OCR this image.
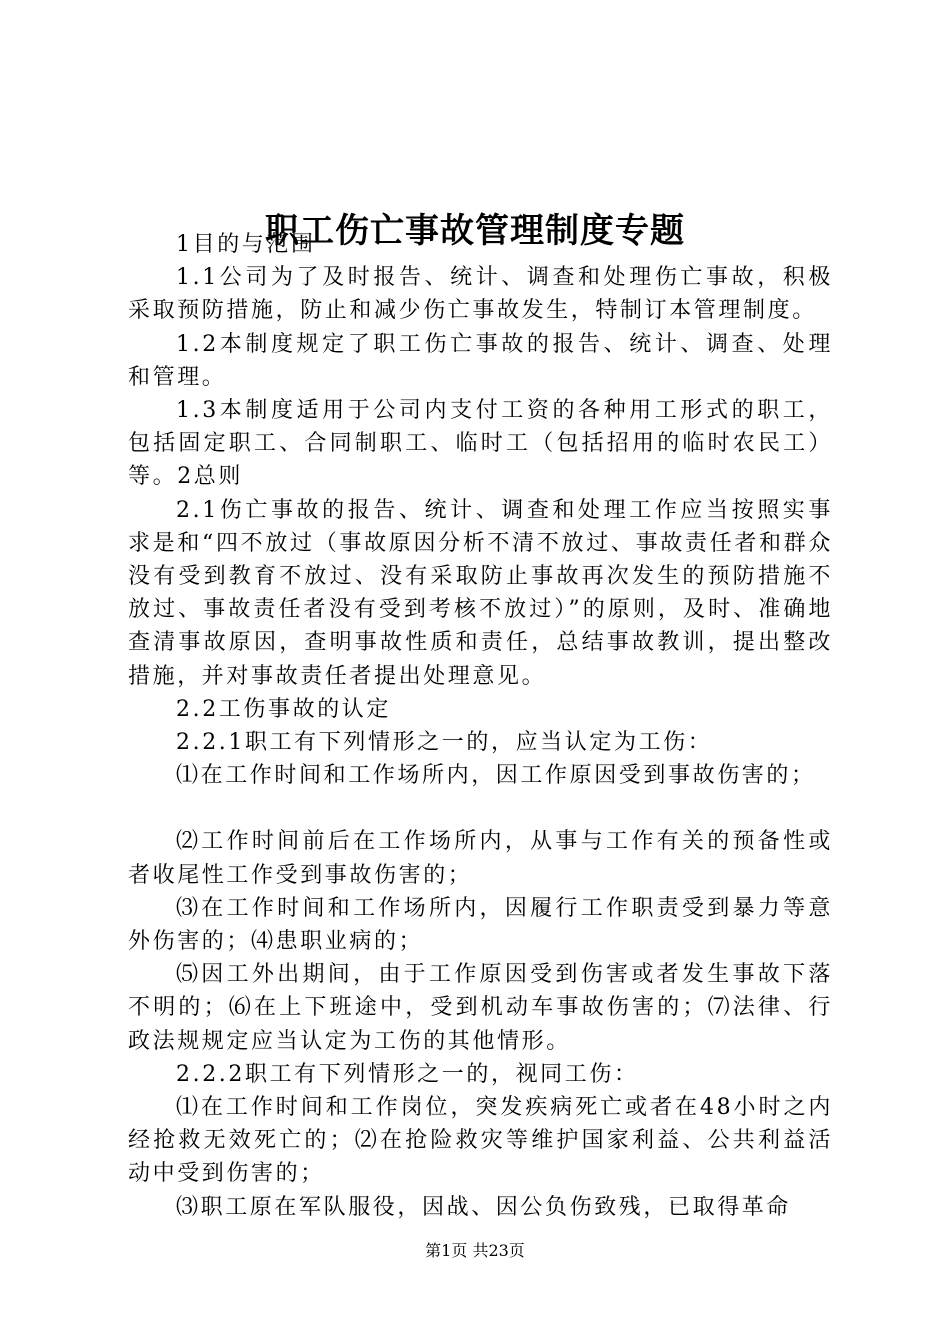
职工伤亡事故管理制度专题

1目的与范围

1.1公司为了及时报告、统计、调查和处理伤亡事故，积极采取预防措施，防止和减少伤亡事故发生，特制订本管理制度。

1.2本制度规定了职工伤亡事故的报告、统计、调查、处理和管理。

1.3本制度适用于公司内支付工资的各种用工形式的职工，包括固定职工、合同制职工、临时工（包括招用的临时农民工）等。2总则

2.1伤亡事故的报告、统计、调查和处理工作应当按照实事求是和“四不放过（事故原因分析不清不放过、事故责任者和群众没有受到教育不放过、没有采取防止事故再次发生的预防措施不放过、事故责任者没有受到考核不放过）”的原则，及时、准确地查清事故原因，查明事故性质和责任，总结事故教训，提出整改措施，并对事故责任者提出处理意见。

2.2工伤事故的认定

2.2.1职工有下列情形之一的，应当认定为工伤：

⑴在工作时间和工作场所内，因工作原因受到事故伤害的；

⑵工作时间前后在工作场所内，从事与工作有关的预备性或者收尾性工作受到事故伤害的；

⑶在工作时间和工作场所内，因履行工作职责受到暴力等意外伤害的；⑷患职业病的；

⑸因工外出期间，由于工作原因受到伤害或者发生事故下落不明的；⑹在上下班途中，受到机动车事故伤害的；⑺法律、行政法规规定应当认定为工伤的其他情形。

2.2.2职工有下列情形之一的，视同工伤：

⑴在工作时间和工作岗位，突发疾病死亡或者在48小时之内经抢救无效死亡的；⑵在抢险救灾等维护国家利益、公共利益活动中受到伤害的；

⑶职工原在军队服役，因战、因公负伤致残，已取得革命

第1页 共23页
